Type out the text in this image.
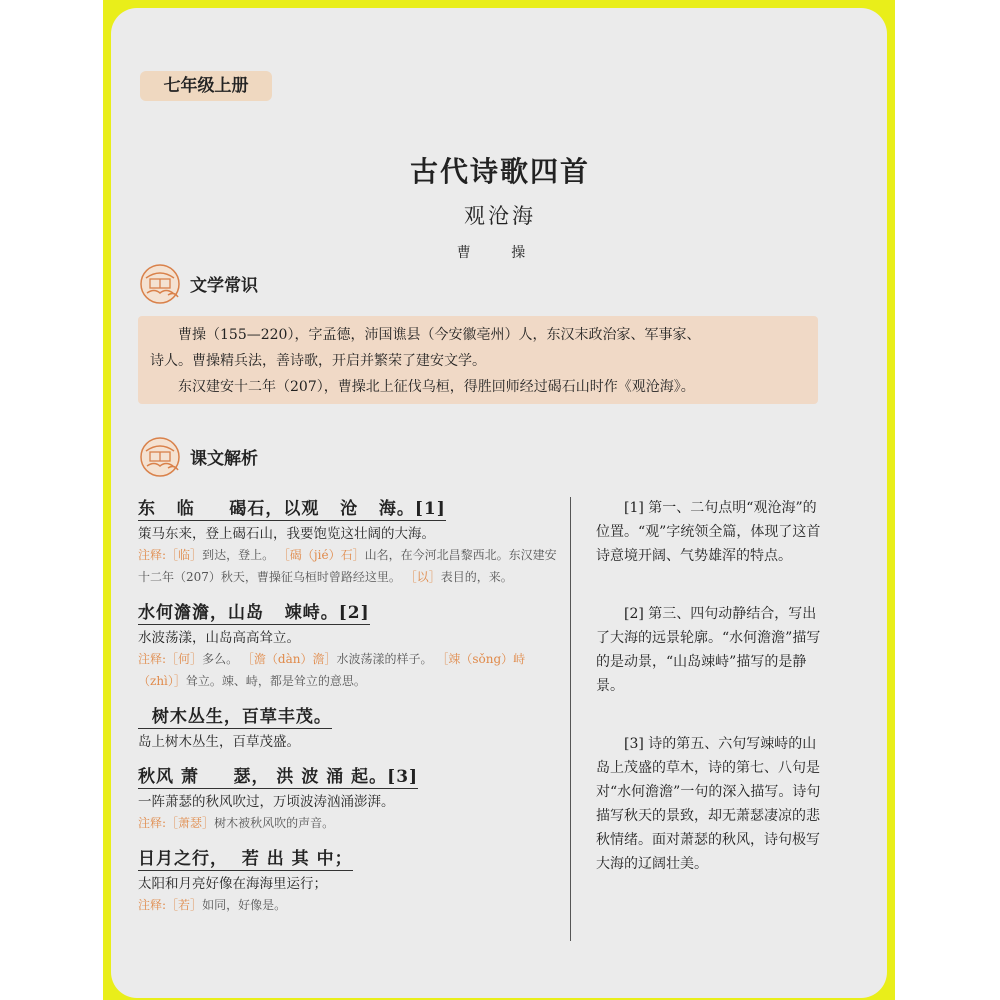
七年级上册
古代诗歌四首
观沧海
曹 操
文学常识

曹操（155—220），字孟德，沛国谯县（今安徽亳州）人，东汉末政治家、军事家、

诗人。曹操精兵法，善诗歌，开启并繁荣了建安文学。

东汉建安十二年（207），曹操北上征伐乌桓，得胜回师经过碣石山时作《观沧海》。

课文解析
东   临     碣石，以观   沧   海。[1]
策马东来，登上碣石山，我要饱览这壮阔的大海。
注释:［临］到达，登上。 ［碣（jié）石］山名，在今河北昌黎西北。东汉建安十二年（207）秋天，曹操征乌桓时曾路经这里。 ［以］表目的，来。
水何澹澹，山岛   竦峙。[2]
水波荡漾，山岛高高耸立。
注释:［何］多么。 ［澹（dàn）澹］水波荡漾的样子。 ［竦（sǒng）峙（zhì）］耸立。竦、峙，都是耸立的意思。
树木丛生，百草丰茂。
岛上树木丛生，百草茂盛。
秋风 萧     瑟， 洪 波 涌 起。[3]
一阵萧瑟的秋风吹过，万顷波涛汹涌澎湃。
注释:［萧瑟］树木被秋风吹的声音。
日月之行，  若 出 其 中；
太阳和月亮好像在海海里运行；
注释:［若］如同，好像是。

[1] 第一、二句点明“观沧海”的位置。“观”字统领全篇，体现了这首诗意境开阔、气势雄浑的特点。

[2] 第三、四句动静结合，写出了大海的远景轮廓。“水何澹澹”描写的是动景，“山岛竦峙”描写的是静景。

[3] 诗的第五、六句写竦峙的山岛上茂盛的草木，诗的第七、八句是对“水何澹澹”一句的深入描写。诗句描写秋天的景致，却无萧瑟凄凉的悲秋情绪。面对萧瑟的秋风，诗句极写大海的辽阔壮美。
